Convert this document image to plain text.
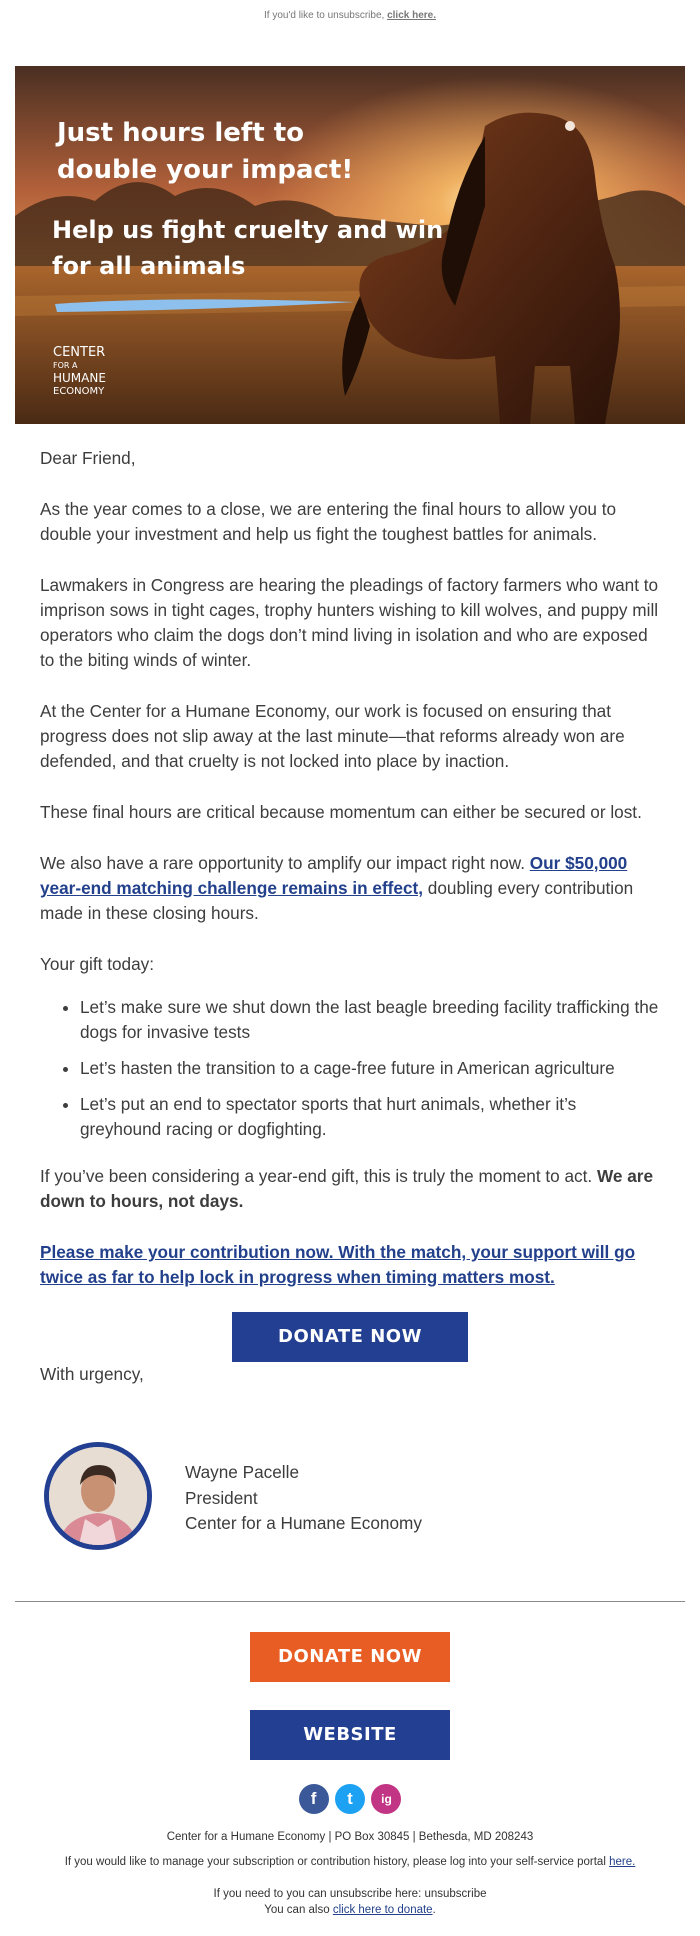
If you'd like to unsubscribe, click here.
Just hours left to
double your impact!
Help us fight cruelty and win
for all animals
CENTER
FOR A
HUMANE
ECONOMY

Dear Friend,

As the year comes to a close, we are entering the final hours to allow you to double your investment and help us fight the toughest battles for animals.

Lawmakers in Congress are hearing the pleadings of factory farmers who want to imprison sows in tight cages, trophy hunters wishing to kill wolves, and puppy mill operators who claim the dogs don’t mind living in isolation and who are exposed to the biting winds of winter.

At the Center for a Humane Economy, our work is focused on ensuring that progress does not slip away at the last minute—that reforms already won are defended, and that cruelty is not locked into place by inaction.

These final hours are critical because momentum can either be secured or lost.

We also have a rare opportunity to amplify our impact right now. Our $50,000 year-end matching challenge remains in effect, doubling every contribution made in these closing hours.

Your gift today:

• Let’s make sure we shut down the last beagle breeding facility trafficking the dogs for invasive tests
• Let’s hasten the transition to a cage-free future in American agriculture
• Let’s put an end to spectator sports that hurt animals, whether it’s greyhound racing or dogfighting.

If you’ve been considering a year-end gift, this is truly the moment to act. We are down to hours, not days.

Please make your contribution now. With the match, your support will go twice as far to help lock in progress when timing matters most.
DONATE NOW

With urgency,

Wayne Pacelle
President
Center for a Humane Economy
DONATE NOW
WEBSITE
f t ig
Center for a Humane Economy | PO Box 30845 | Bethesda, MD 208243
If you would like to manage your subscription or contribution history, please log into your self-service portal here.
If you need to you can unsubscribe here: unsubscribe
You can also click here to donate.
